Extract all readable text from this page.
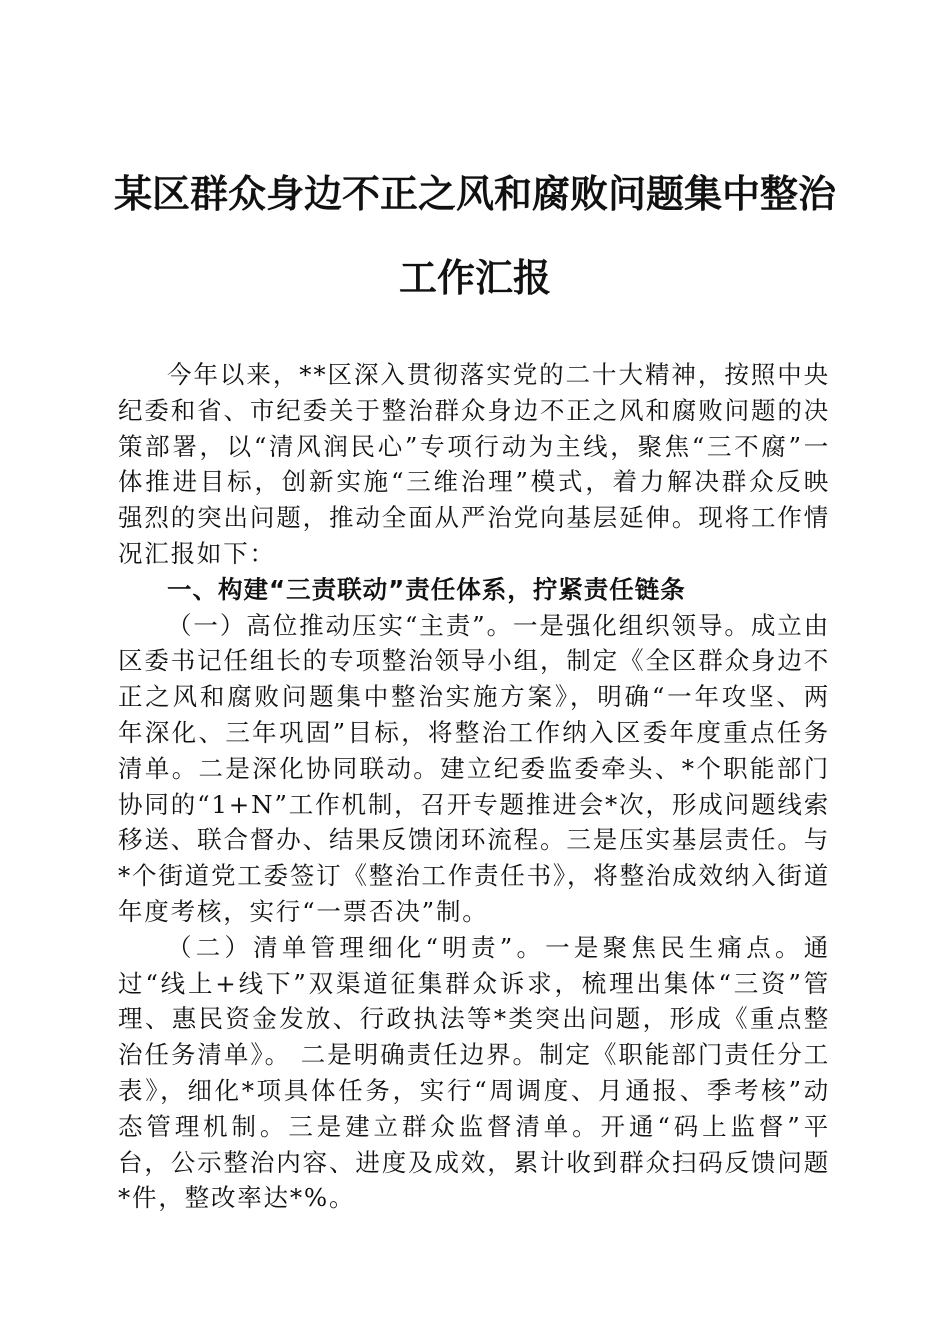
某区群众身边不正之风和腐败问题集中整治工作汇报

今年以来，**区深入贯彻落实党的二十大精神，按照中央纪委和省、市纪委关于整治群众身边不正之风和腐败问题的决策部署，以“清风润民心”专项行动为主线，聚焦“三不腐”一体推进目标，创新实施“三维治理”模式，着力解决群众反映强烈的突出问题，推动全面从严治党向基层延伸。现将工作情况汇报如下：

一、构建“三责联动”责任体系，拧紧责任链条

（一）高位推动压实“主责”。一是强化组织领导。成立由区委书记任组长的专项整治领导小组，制定《全区群众身边不正之风和腐败问题集中整治实施方案》，明确“一年攻坚、两年深化、三年巩固”目标，将整治工作纳入区委年度重点任务清单。二是深化协同联动。建立纪委监委牵头、*个职能部门协同的“1+N”工作机制，召开专题推进会*次，形成问题线索移送、联合督办、结果反馈闭环流程。三是压实基层责任。与*个街道党工委签订《整治工作责任书》，将整治成效纳入街道年度考核，实行“一票否决”制。

（二）清单管理细化“明责”。一是聚焦民生痛点。通过“线上+线下”双渠道征集群众诉求，梳理出集体“三资”管理、惠民资金发放、行政执法等*类突出问题，形成《重点整治任务清单》。 二是明确责任边界。制定《职能部门责任分工表》，细化*项具体任务，实行“周调度、月通报、季考核”动态管理机制。三是建立群众监督清单。开通“码上监督”平台，公示整治内容、进度及成效，累计收到群众扫码反馈问题*件，整改率达*%。
